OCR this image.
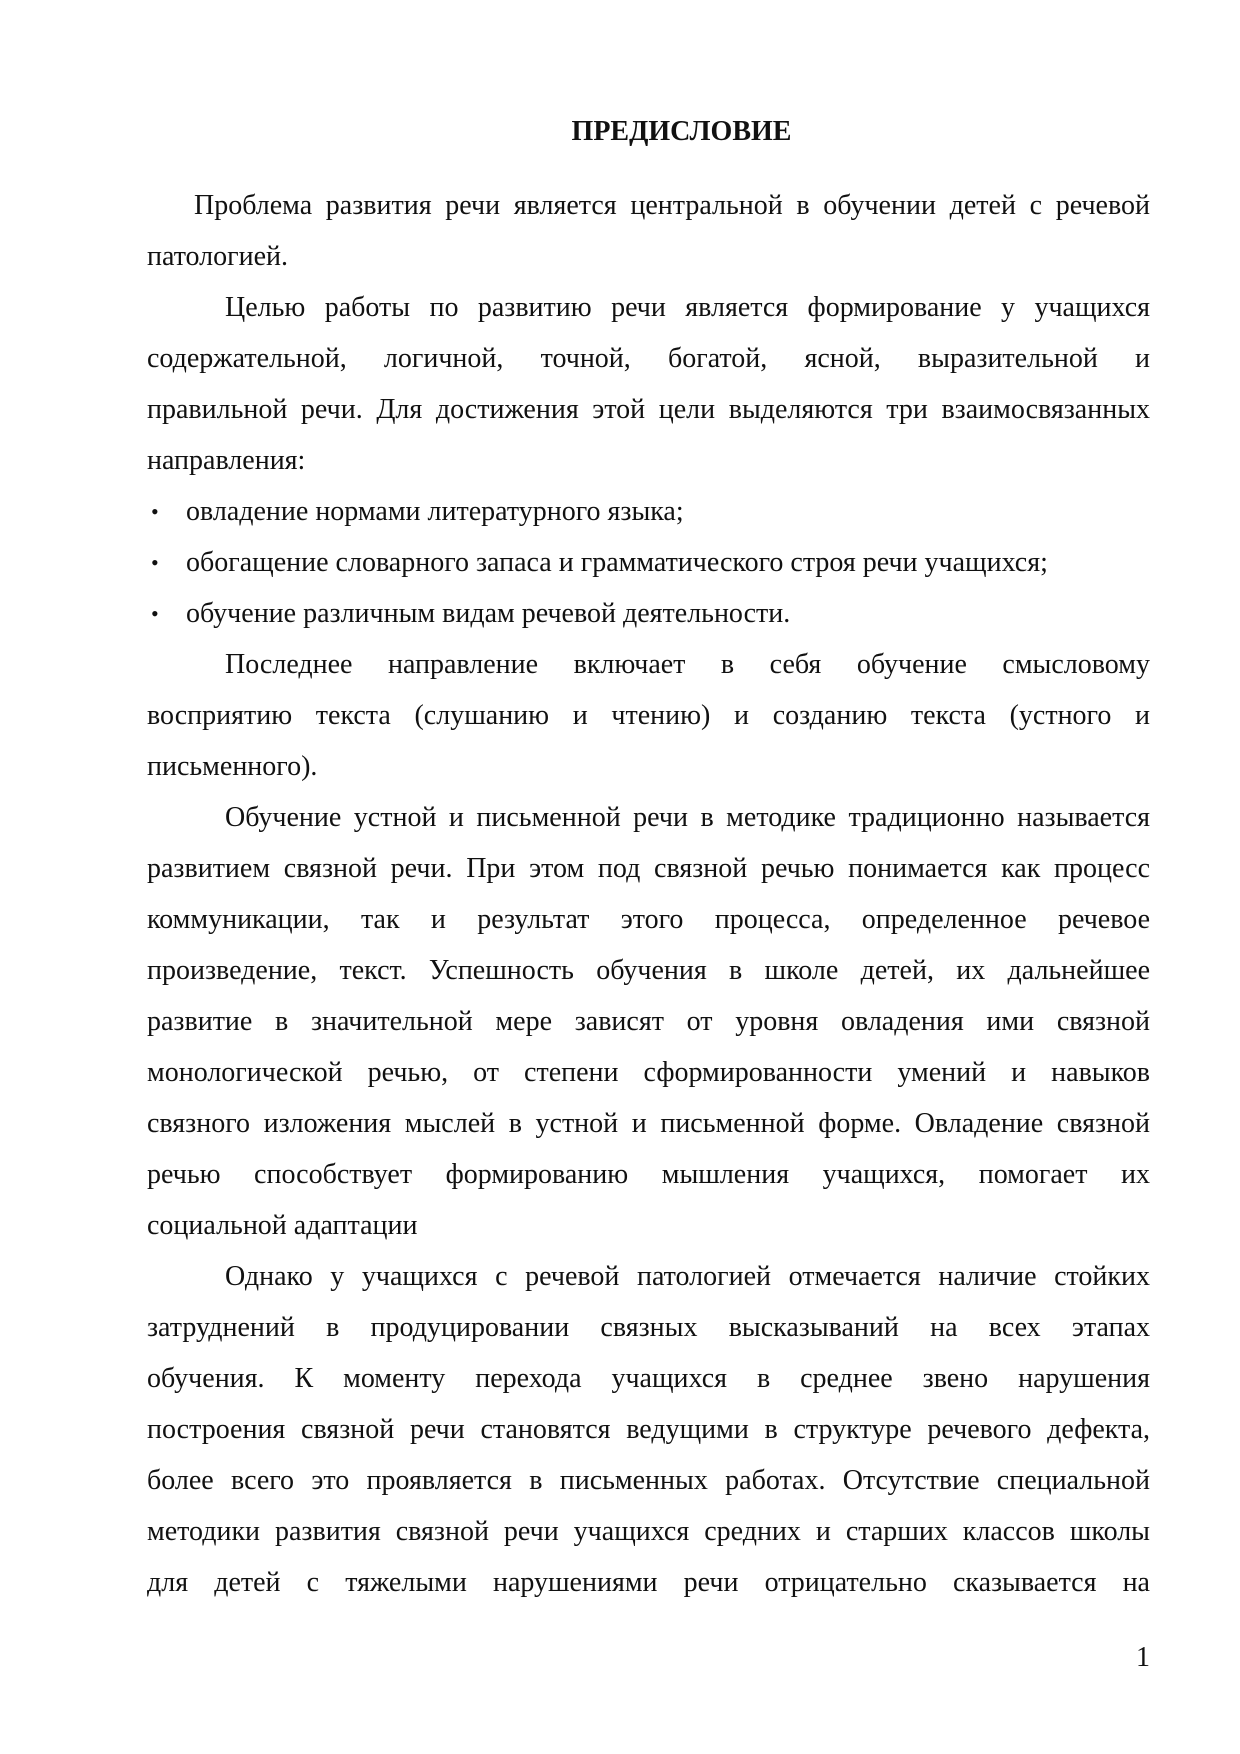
ПРЕДИСЛОВИЕ
Проблема развития речи является центральной в обучении детей с речевой
патологией.
Целью работы по развитию речи является формирование у учащихся
содержательной, логичной, точной, богатой, ясной, выразительной и
правильной речи. Для достижения этой цели выделяются три взаимосвязанных
направления:
• овладение нормами литературного языка;
• обогащение словарного запаса и грамматического строя речи учащихся;
• обучение различным видам речевой деятельности.
Последнее направление включает в себя обучение смысловому
восприятию текста (слушанию и чтению) и созданию текста (устного и
письменного).
Обучение устной и письменной речи в методике традиционно называется
развитием связной речи. При этом под связной речью понимается как процесс
коммуникации, так и результат этого процесса, определенное речевое
произведение, текст. Успешность обучения в школе детей, их дальнейшее
развитие в значительной мере зависят от уровня овладения ими связной
монологической речью, от степени сформированности умений и навыков
связного изложения мыслей в устной и письменной форме. Овладение связной
речью способствует формированию мышления учащихся, помогает их
социальной адаптации
Однако у учащихся с речевой патологией отмечается наличие стойких
затруднений в продуцировании связных высказываний на всех этапах
обучения. К моменту перехода учащихся в среднее звено нарушения
построения связной речи становятся ведущими в структуре речевого дефекта,
более всего это проявляется в письменных работах. Отсутствие специальной
методики развития связной речи учащихся средних и старших классов школы
для детей с тяжелыми нарушениями речи отрицательно сказывается на
1
